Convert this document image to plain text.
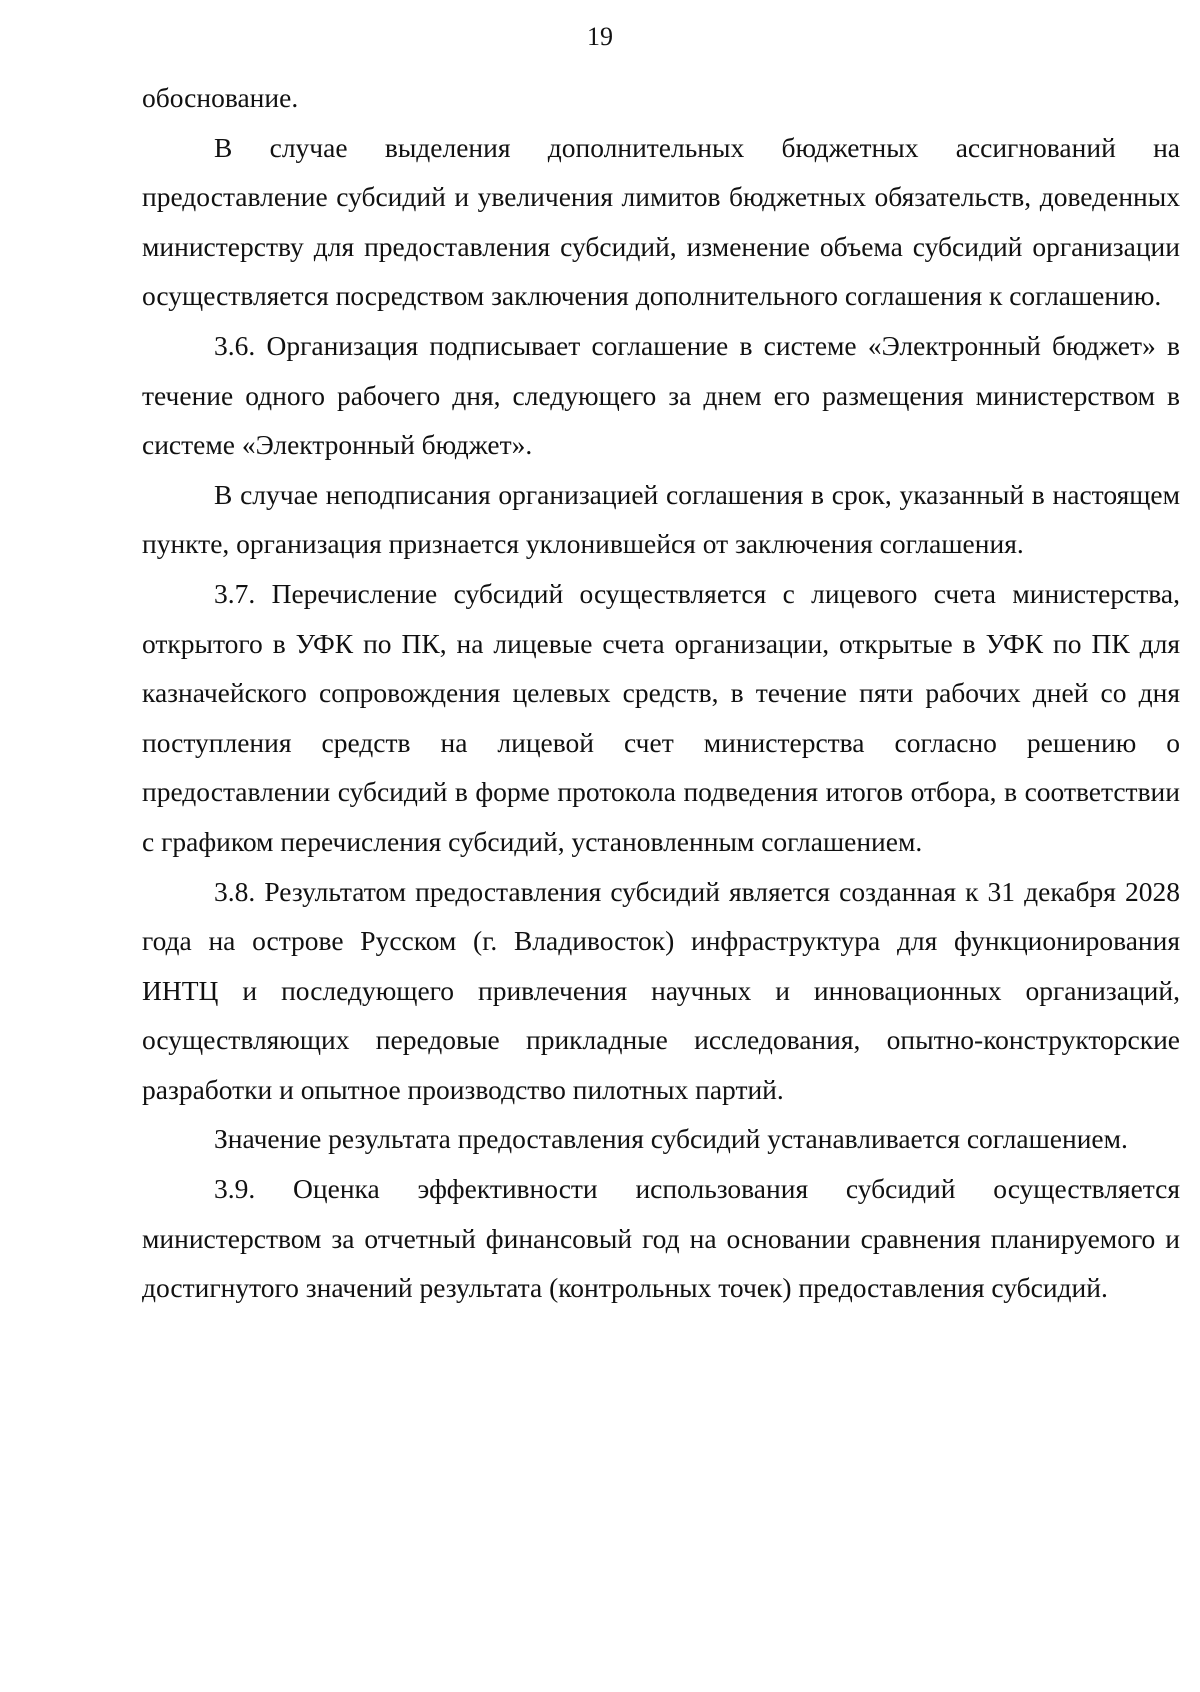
19

обоснование.

В случае выделения дополнительных бюджетных ассигнований на предоставление субсидий и увеличения лимитов бюджетных обязательств, доведенных министерству для предоставления субсидий, изменение объема субсидий организации осуществляется посредством заключения дополнительного соглашения к соглашению.

3.6. Организация подписывает соглашение в системе «Электронный бюджет» в течение одного рабочего дня, следующего за днем его размещения министерством в системе «Электронный бюджет».

В случае неподписания организацией соглашения в срок, указанный в настоящем пункте, организация признается уклонившейся от заключения соглашения.

3.7. Перечисление субсидий осуществляется с лицевого счета министерства, открытого в УФК по ПК, на лицевые счета организации, открытые в УФК по ПК для казначейского сопровождения целевых средств, в течение пяти рабочих дней со дня поступления средств на лицевой счет министерства согласно решению о предоставлении субсидий в форме протокола подведения итогов отбора, в соответствии с графиком перечисления субсидий, установленным соглашением.

3.8. Результатом предоставления субсидий является созданная к 31 декабря 2028 года на острове Русском (г. Владивосток) инфраструктура для функционирования ИНТЦ и последующего привлечения научных и инновационных организаций, осуществляющих передовые прикладные исследования, опытно-конструкторские разработки и опытное производство пилотных партий.

Значение результата предоставления субсидий устанавливается соглашением.

3.9. Оценка эффективности использования субсидий осуществляется министерством за отчетный финансовый год на основании сравнения планируемого и достигнутого значений результата (контрольных точек) предоставления субсидий.
